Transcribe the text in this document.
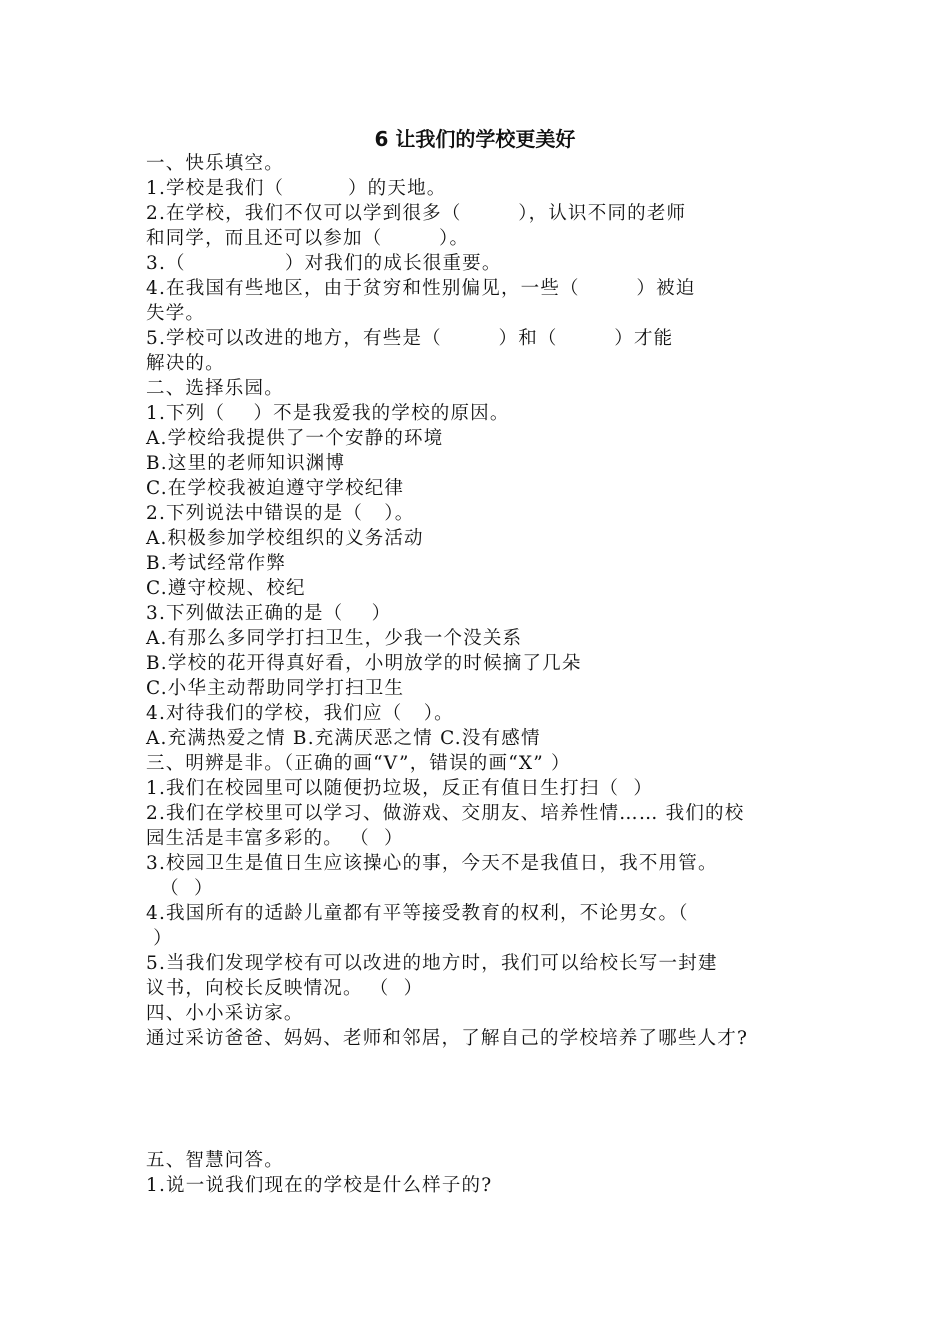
6 让我们的学校更美好

一、快乐填空。

1.学校是我们（         ）的天地。

2.在学校，我们不仅可以学到很多（        ），认识不同的老师

和同学，而且还可以参加（        ）。

3.（              ）对我们的成长很重要。

4.在我国有些地区，由于贫穷和性别偏见，一些（        ）被迫

失学。

5.学校可以改进的地方，有些是（        ）和（        ）才能

解决的。

二、选择乐园。

1.下列（    ）不是我爱我的学校的原因。

A.学校给我提供了一个安静的环境

B.这里的老师知识渊博

C.在学校我被迫遵守学校纪律

2.下列说法中错误的是（   ）。

A.积极参加学校组织的义务活动

B.考试经常作弊

C.遵守校规、校纪

3.下列做法正确的是（    ）

A.有那么多同学打扫卫生，少我一个没关系

B.学校的花开得真好看，小明放学的时候摘了几朵

C.小华主动帮助同学打扫卫生

4.对待我们的学校，我们应（   ）。

A.充满热爱之情 B.充满厌恶之情 C.没有感情

三、明辨是非。（正确的画“V”，错误的画“X” ）

1.我们在校园里可以随便扔垃圾，反正有值日生打扫（  ）

2.我们在学校里可以学习、做游戏、交朋友、培养性情…… 我们的校

园生活是丰富多彩的。 （  ）

3.校园卫生是值日生应该操心的事，今天不是我值日，我不用管。

（  ）

4.我国所有的适龄儿童都有平等接受教育的权利，不论男女。（

）

5.当我们发现学校有可以改进的地方时，我们可以给校长写一封建

议书，向校长反映情况。 （  ）

四、小小采访家。

通过采访爸爸、妈妈、老师和邻居，了解自己的学校培养了哪些人才?

五、智慧问答。

1.说一说我们现在的学校是什么样子的?
